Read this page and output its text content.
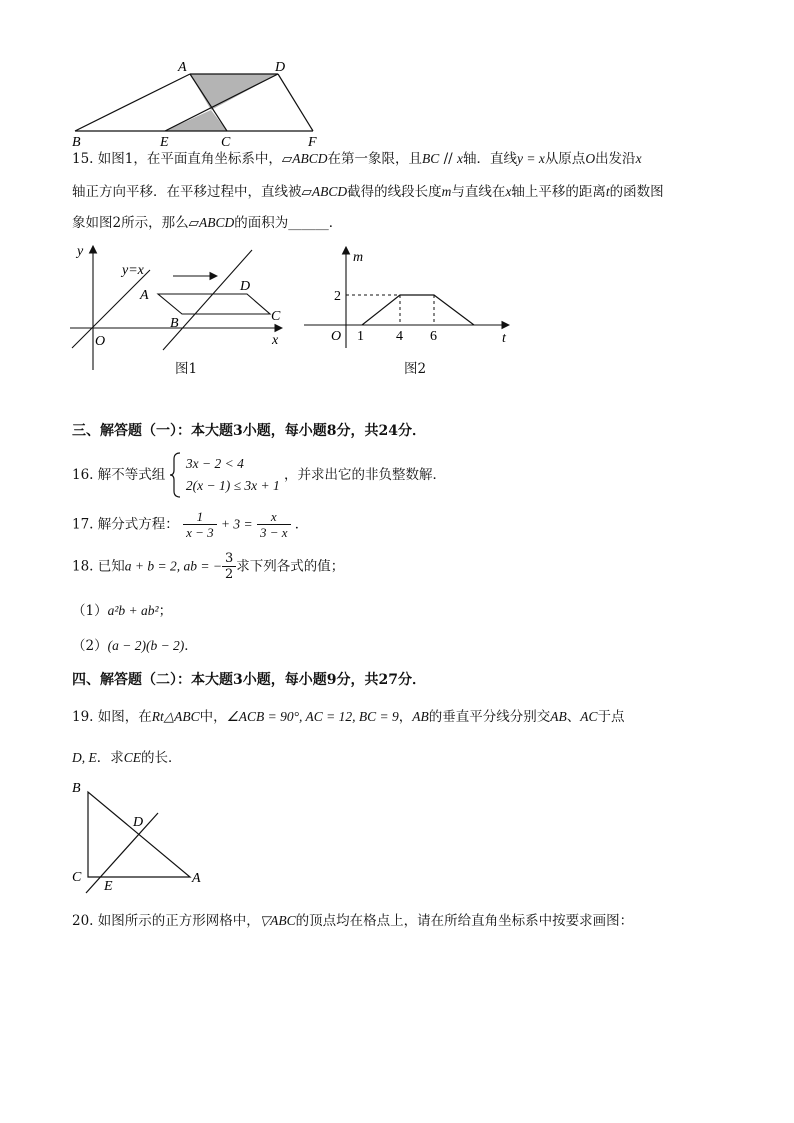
A	D
B	E	C	F
15. 如图1，在平面直角坐标系中，▱ABCD在第一象限，且BC // x轴．直线y = x从原点O出发沿x
轴正方向平移．在平移过程中，直线被▱ABCD截得的线段长度m与直线在x轴上平移的距离t的函数图
象如图2所示，那么▱ABCD的面积为______．
y
x
O
y=x
A
D
B	C
图1
m
t
O
2
1 4 6
图2
三、解答题（一）：本大题3小题，每小题8分，共24分．
16. 解不等式组
3x − 2 < 4
2(x − 1) ≤ 3x + 1
，并求出它的非负整数解．
17. 解分式方程： $\frac{1}{x - 3} + 3 = \frac{x}{3 - x}$ ．
18. 已知a + b = 2, ab = − $\frac{3}{2}$ 求下列各式的值；
（1）a²b + ab²；
（2）(a − 2)(b − 2)．
四、解答题（二）：本大题3小题，每小题9分，共27分．
19. 如图，在Rt△ABC中，∠ACB = 90°, AC = 12, BC = 9，AB的垂直平分线分别交AB、AC于点
D, E．求CE的长．
B
D
C
E
A
20. 如图所示的正方形网格中，▽ABC的顶点均在格点上，请在所给直角坐标系中按要求画图：
